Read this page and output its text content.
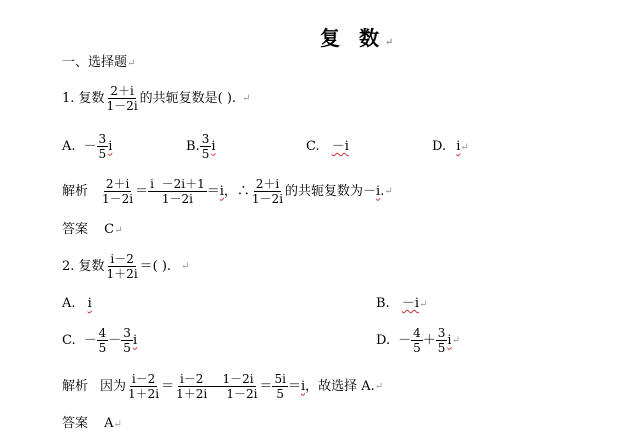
复 数↵
一、选择题↵
1. 复数 $\frac{2+i}{1-2i}$ 的共轭复数是( ). ↵
A. － $\frac{3}{5}$ i	B. $\frac{3}{5}$ i	C. －i	D. i↵
解析 $\frac{2+i}{1-2i} = \frac{i -2i+1}{1-2i} = i$ ，∴ $\frac{2+i}{1-2i}$ 的共轭复数为－ i . ↵
答案 C↵
2. 复数 $\frac{i-2}{1+2i}$ ＝( ). ↵
A. i	B. －i↵
C. － $\frac{4}{5} - \frac{3}{5}$ i	D. － $\frac{4}{5} + \frac{3}{5}$ i ↵
解析 因为 $\frac{i-2}{1+2i} = \frac{i-2 1-2i}{1+2i 1-2i} = \frac{5i}{5} = i$ ，故选择 A. ↵
答案 A↵
